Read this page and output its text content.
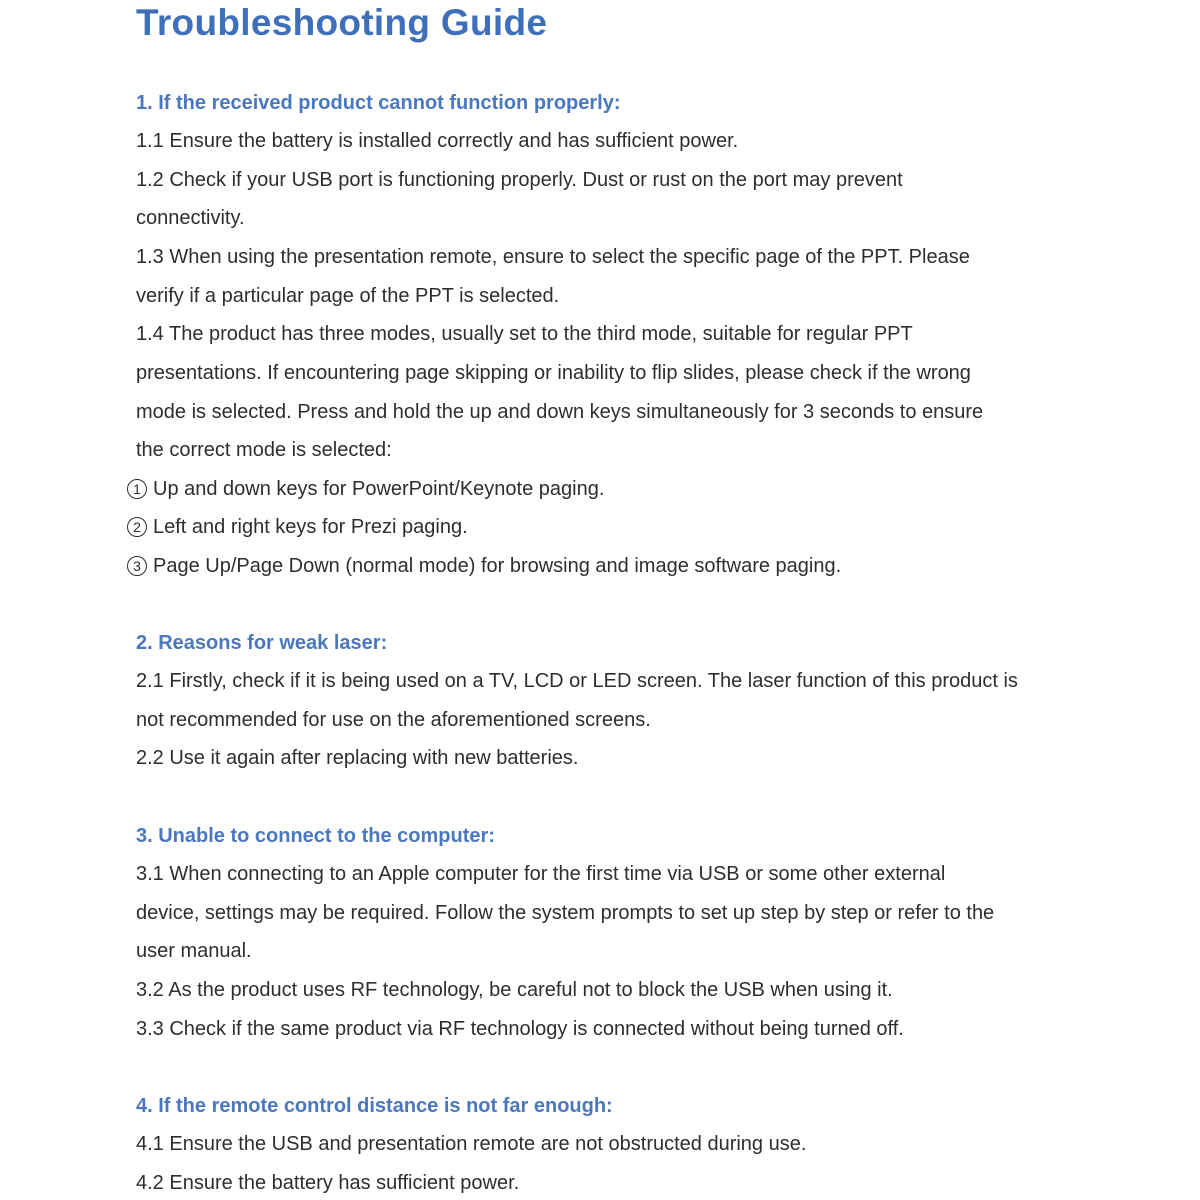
Troubleshooting Guide
1. If the received product cannot function properly:
1.1 Ensure the battery is installed correctly and has sufficient power.
1.2 Check if your USB port is functioning properly. Dust or rust on the port may prevent
connectivity.
1.3 When using the presentation remote, ensure to select the specific page of the PPT. Please
verify if a particular page of the PPT is selected.
1.4 The product has three modes, usually set to the third mode, suitable for regular PPT
presentations. If encountering page skipping or inability to flip slides, please check if the wrong
mode is selected. Press and hold the up and down keys simultaneously for 3 seconds to ensure
the correct mode is selected:
1 Up and down keys for PowerPoint/Keynote paging.
2 Left and right keys for Prezi paging.
3 Page Up/Page Down (normal mode) for browsing and image software paging.
2. Reasons for weak laser:
2.1 Firstly, check if it is being used on a TV, LCD or LED screen. The laser function of this product is
not recommended for use on the aforementioned screens.
2.2 Use it again after replacing with new batteries.
3. Unable to connect to the computer:
3.1 When connecting to an Apple computer for the first time via USB or some other external
device, settings may be required. Follow the system prompts to set up step by step or refer to the
user manual.
3.2 As the product uses RF technology, be careful not to block the USB when using it.
3.3 Check if the same product via RF technology is connected without being turned off.
4. If the remote control distance is not far enough:
4.1 Ensure the USB and presentation remote are not obstructed during use.
4.2 Ensure the battery has sufficient power.
